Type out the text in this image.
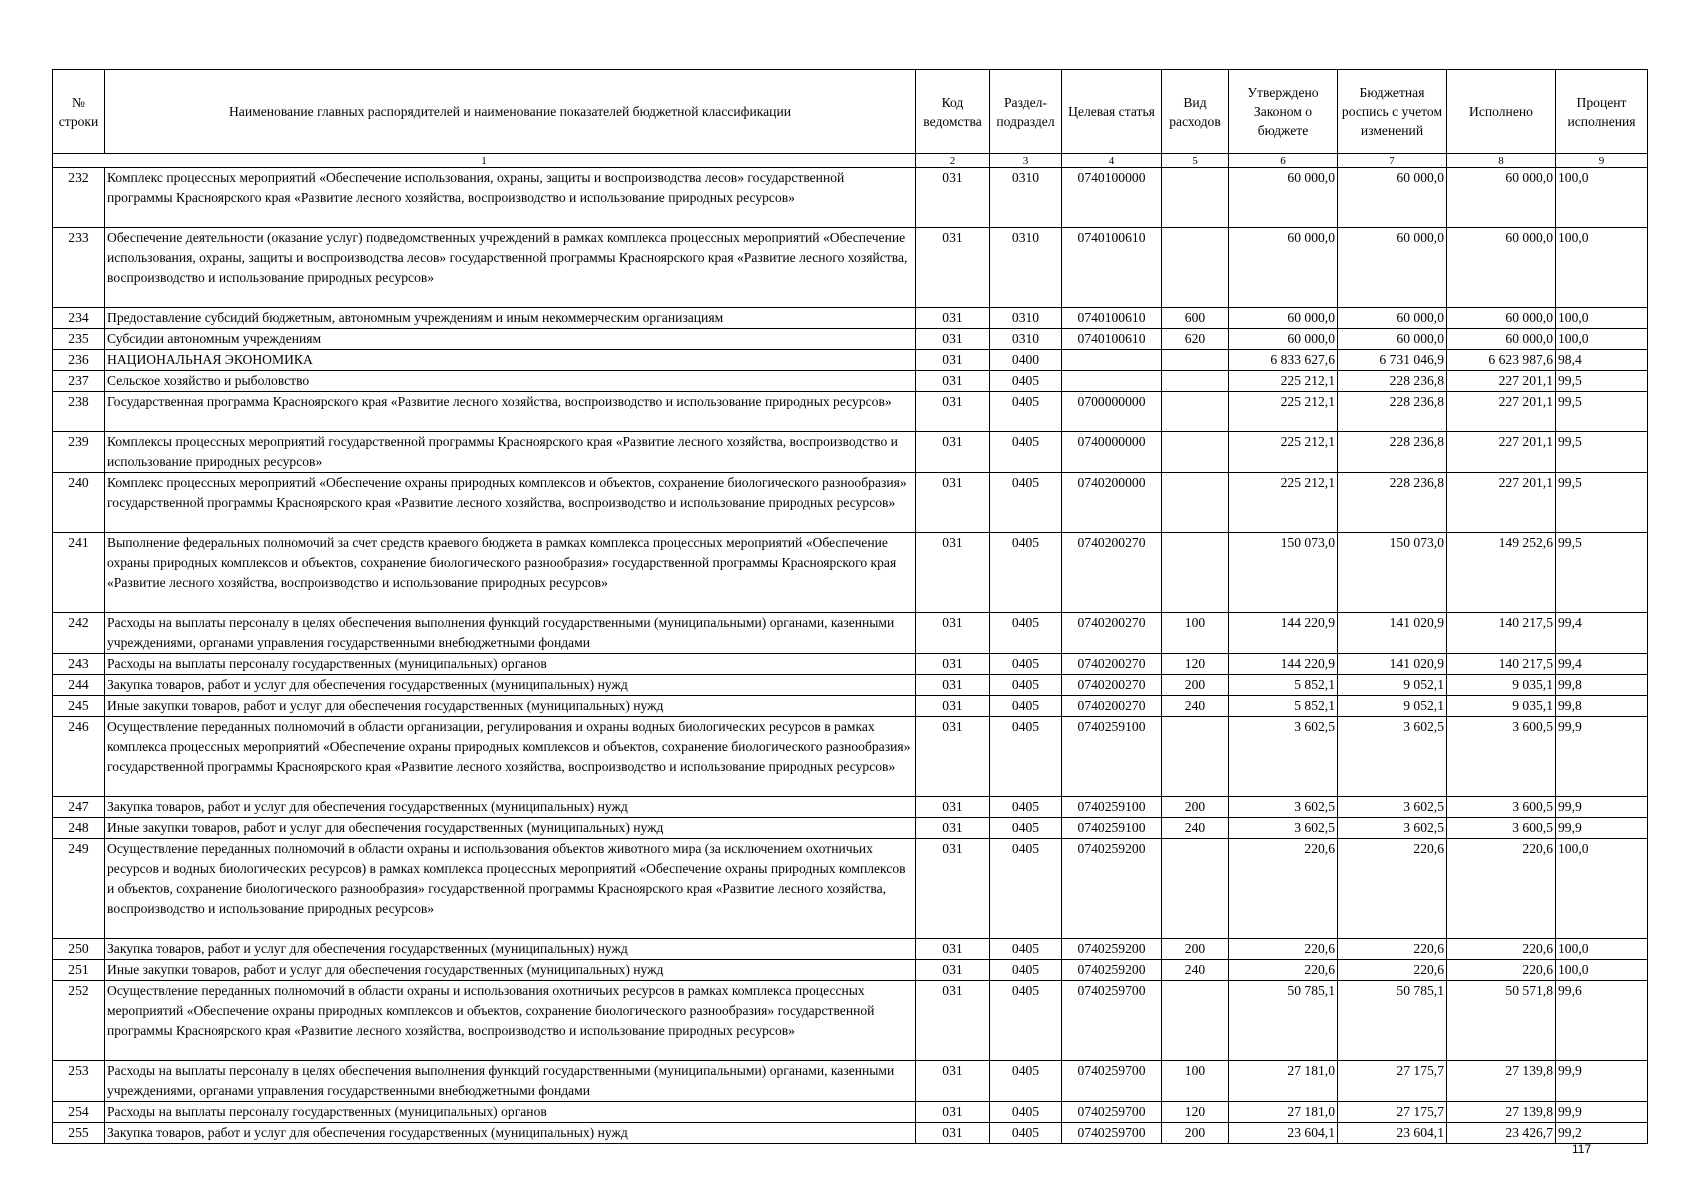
№ строки	Наименование главных распорядителей и наименование показателей бюджетной классификации	Код ведомства	Раздел-подраздел	Целевая статья	Вид расходов	Утверждено Законом о бюджете	Бюджетная роспись с учетом изменений	Исполнено	Процент исполнения
1		2	3	4	5	6	7	8	9
232	Комплекс процессных мероприятий «Обеспечение использования, охраны, защиты и воспроизводства лесов» государственной программы Красноярского края «Развитие лесного хозяйства, воспроизводство и использование природных ресурсов»	031	0310	0740100000		60 000,0	60 000,0	60 000,0	100,0
233	Обеспечение деятельности (оказание услуг) подведомственных учреждений в рамках комплекса процессных мероприятий «Обеспечение использования, охраны, защиты и воспроизводства лесов» государственной программы Красноярского края «Развитие лесного хозяйства, воспроизводство и использование природных ресурсов»	031	0310	0740100610		60 000,0	60 000,0	60 000,0	100,0
234	Предоставление субсидий бюджетным, автономным учреждениям и иным некоммерческим организациям	031	0310	0740100610	600	60 000,0	60 000,0	60 000,0	100,0
235	Субсидии автономным учреждениям	031	0310	0740100610	620	60 000,0	60 000,0	60 000,0	100,0
236	НАЦИОНАЛЬНАЯ ЭКОНОМИКА	031	0400			6 833 627,6	6 731 046,9	6 623 987,6	98,4
237	Сельское хозяйство и рыболовство	031	0405			225 212,1	228 236,8	227 201,1	99,5
238	Государственная программа Красноярского края «Развитие лесного хозяйства, воспроизводство и использование природных ресурсов»	031	0405	0700000000		225 212,1	228 236,8	227 201,1	99,5
239	Комплексы процессных мероприятий государственной программы Красноярского края «Развитие лесного хозяйства, воспроизводство и использование природных ресурсов»	031	0405	0740000000		225 212,1	228 236,8	227 201,1	99,5
240	Комплекс процессных мероприятий «Обеспечение охраны природных комплексов и объектов, сохранение биологического разнообразия» государственной программы Красноярского края «Развитие лесного хозяйства, воспроизводство и использование природных ресурсов»	031	0405	0740200000		225 212,1	228 236,8	227 201,1	99,5
241	Выполнение федеральных полномочий за счет средств краевого бюджета в рамках комплекса процессных мероприятий «Обеспечение охраны природных комплексов и объектов, сохранение биологического разнообразия» государственной программы Красноярского края «Развитие лесного хозяйства, воспроизводство и использование природных ресурсов»	031	0405	0740200270		150 073,0	150 073,0	149 252,6	99,5
242	Расходы на выплаты персоналу в целях обеспечения выполнения функций государственными (муниципальными) органами, казенными учреждениями, органами управления государственными внебюджетными фондами	031	0405	0740200270	100	144 220,9	141 020,9	140 217,5	99,4
243	Расходы на выплаты персоналу государственных (муниципальных) органов	031	0405	0740200270	120	144 220,9	141 020,9	140 217,5	99,4
244	Закупка товаров, работ и услуг для обеспечения государственных (муниципальных) нужд	031	0405	0740200270	200	5 852,1	9 052,1	9 035,1	99,8
245	Иные закупки товаров, работ и услуг для обеспечения государственных (муниципальных) нужд	031	0405	0740200270	240	5 852,1	9 052,1	9 035,1	99,8
246	Осуществление переданных полномочий в области организации, регулирования и охраны водных биологических ресурсов в рамках комплекса процессных мероприятий «Обеспечение охраны природных комплексов и объектов, сохранение биологического разнообразия» государственной программы Красноярского края «Развитие лесного хозяйства, воспроизводство и использование природных ресурсов»	031	0405	0740259100		3 602,5	3 602,5	3 600,5	99,9
247	Закупка товаров, работ и услуг для обеспечения государственных (муниципальных) нужд	031	0405	0740259100	200	3 602,5	3 602,5	3 600,5	99,9
248	Иные закупки товаров, работ и услуг для обеспечения государственных (муниципальных) нужд	031	0405	0740259100	240	3 602,5	3 602,5	3 600,5	99,9
249	Осуществление переданных полномочий в области охраны и использования объектов животного мира (за исключением охотничьих ресурсов и водных биологических ресурсов) в рамках комплекса процессных мероприятий «Обеспечение охраны природных комплексов и объектов, сохранение биологического разнообразия» государственной программы Красноярского края «Развитие лесного хозяйства, воспроизводство и использование природных ресурсов»	031	0405	0740259200		220,6	220,6	220,6	100,0
250	Закупка товаров, работ и услуг для обеспечения государственных (муниципальных) нужд	031	0405	0740259200	200	220,6	220,6	220,6	100,0
251	Иные закупки товаров, работ и услуг для обеспечения государственных (муниципальных) нужд	031	0405	0740259200	240	220,6	220,6	220,6	100,0
252	Осуществление переданных полномочий в области охраны и использования охотничьих ресурсов в рамках комплекса процессных мероприятий «Обеспечение охраны природных комплексов и объектов, сохранение биологического разнообразия» государственной программы Красноярского края «Развитие лесного хозяйства, воспроизводство и использование природных ресурсов»	031	0405	0740259700		50 785,1	50 785,1	50 571,8	99,6
253	Расходы на выплаты персоналу в целях обеспечения выполнения функций государственными (муниципальными) органами, казенными учреждениями, органами управления государственными внебюджетными фондами	031	0405	0740259700	100	27 181,0	27 175,7	27 139,8	99,9
254	Расходы на выплаты персоналу государственных (муниципальных) органов	031	0405	0740259700	120	27 181,0	27 175,7	27 139,8	99,9
255	Закупка товаров, работ и услуг для обеспечения государственных (муниципальных) нужд	031	0405	0740259700	200	23 604,1	23 604,1	23 426,7	99,2
117
